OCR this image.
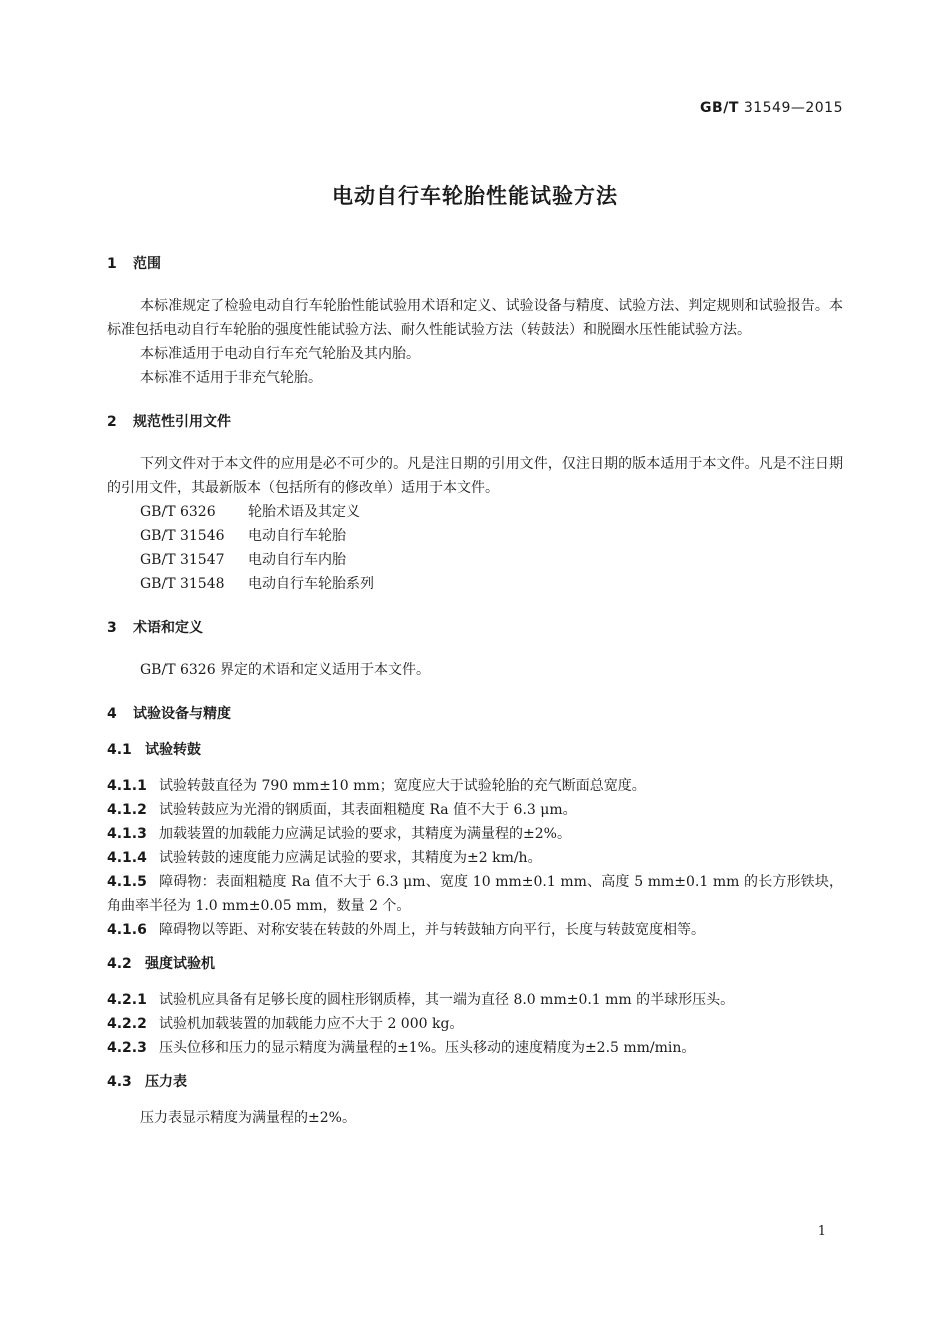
GB/T 31549—2015
电动自行车轮胎性能试验方法
1	范围
本标准规定了检验电动自行车轮胎性能试验用术语和定义、试验设备与精度、试验方法、判定规则和试验报告。本标准包括电动自行车轮胎的强度性能试验方法、耐久性能试验方法（转鼓法）和脱圈水压性能试验方法。
本标准适用于电动自行车充气轮胎及其内胎。
本标准不适用于非充气轮胎。
2	规范性引用文件
下列文件对于本文件的应用是必不可少的。凡是注日期的引用文件，仅注日期的版本适用于本文件。凡是不注日期的引用文件，其最新版本（包括所有的修改单）适用于本文件。
GB/T 6326 轮胎术语及其定义
GB/T 31546 电动自行车轮胎
GB/T 31547 电动自行车内胎
GB/T 31548 电动自行车轮胎系列
3	术语和定义
GB/T 6326 界定的术语和定义适用于本文件。
4	试验设备与精度
4.1 试验转鼓
4.1.1 试验转鼓直径为 790 mm±10 mm；宽度应大于试验轮胎的充气断面总宽度。
4.1.2 试验转鼓应为光滑的钢质面，其表面粗糙度 Ra 值不大于 6.3 μm。
4.1.3 加载装置的加载能力应满足试验的要求，其精度为满量程的±2%。
4.1.4 试验转鼓的速度能力应满足试验的要求，其精度为±2 km/h。
4.1.5 障碍物：表面粗糙度 Ra 值不大于 6.3 μm、宽度 10 mm±0.1 mm、高度 5 mm±0.1 mm 的长方形铁块，角曲率半径为 1.0 mm±0.05 mm，数量 2 个。
4.1.6 障碍物以等距、对称安装在转鼓的外周上，并与转鼓轴方向平行，长度与转鼓宽度相等。
4.2 强度试验机
4.2.1 试验机应具备有足够长度的圆柱形钢质棒，其一端为直径 8.0 mm±0.1 mm 的半球形压头。
4.2.2 试验机加载装置的加载能力应不大于 2 000 kg。
4.2.3 压头位移和压力的显示精度为满量程的±1%。压头移动的速度精度为±2.5 mm/min。
4.3 压力表
压力表显示精度为满量程的±2%。
1
